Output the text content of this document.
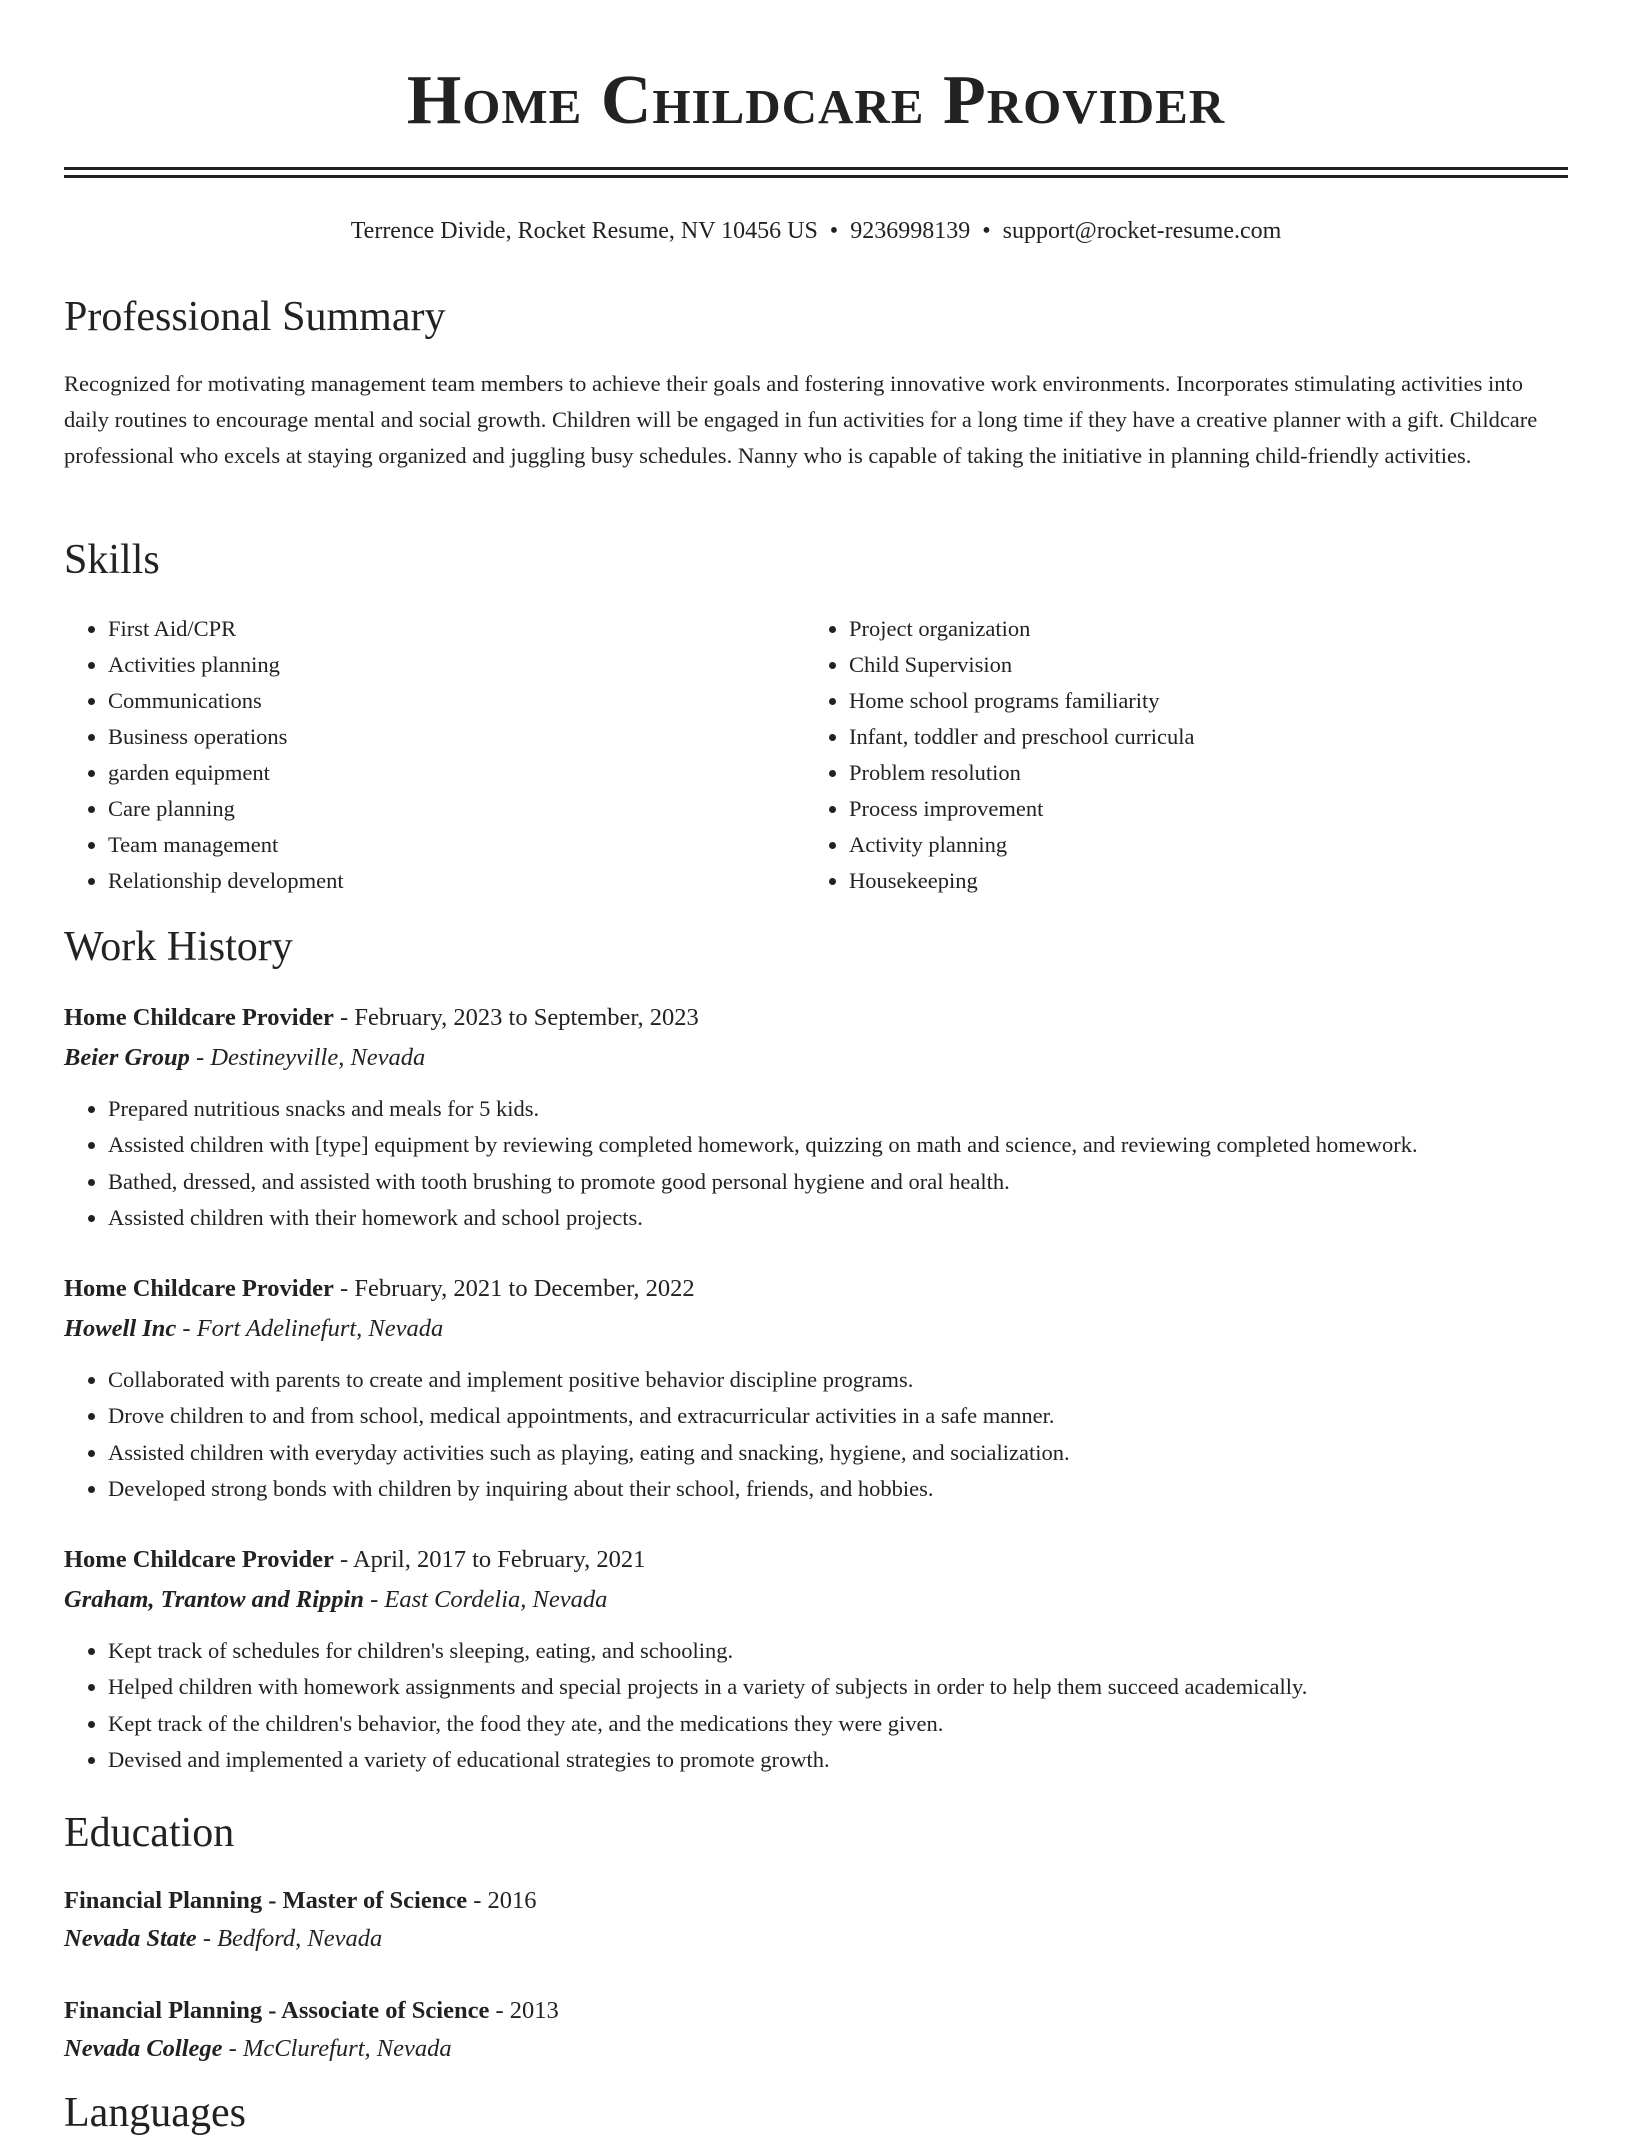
Home Childcare Provider
Terrence Divide, Rocket Resume, NV 10456 US • 9236998139 • support@rocket-resume.com
Professional Summary

Recognized for motivating management team members to achieve their goals and fostering innovative work environments. Incorporates stimulating activities into daily routines to encourage mental and social growth. Children will be engaged in fun activities for a long time if they have a creative planner with a gift. Childcare professional who excels at staying organized and juggling busy schedules. Nanny who is capable of taking the initiative in planning child-friendly activities.

Skills
• First Aid/CPR
• Activities planning
• Communications
• Business operations
• garden equipment
• Care planning
• Team management
• Relationship development
• Project organization
• Child Supervision
• Home school programs familiarity
• Infant, toddler and preschool curricula
• Problem resolution
• Process improvement
• Activity planning
• Housekeeping
Work History
Home Childcare Provider - February, 2023 to September, 2023
Beier Group - Destineyville, Nevada
• Prepared nutritious snacks and meals for 5 kids.
• Assisted children with [type] equipment by reviewing completed homework, quizzing on math and science, and reviewing completed homework.
• Bathed, dressed, and assisted with tooth brushing to promote good personal hygiene and oral health.
• Assisted children with their homework and school projects.
Home Childcare Provider - February, 2021 to December, 2022
Howell Inc - Fort Adelinefurt, Nevada
• Collaborated with parents to create and implement positive behavior discipline programs.
• Drove children to and from school, medical appointments, and extracurricular activities in a safe manner.
• Assisted children with everyday activities such as playing, eating and snacking, hygiene, and socialization.
• Developed strong bonds with children by inquiring about their school, friends, and hobbies.
Home Childcare Provider - April, 2017 to February, 2021
Graham, Trantow and Rippin - East Cordelia, Nevada
• Kept track of schedules for children's sleeping, eating, and schooling.
• Helped children with homework assignments and special projects in a variety of subjects in order to help them succeed academically.
• Kept track of the children's behavior, the food they ate, and the medications they were given.
• Devised and implemented a variety of educational strategies to promote growth.
Education
Financial Planning - Master of Science - 2016
Nevada State - Bedford, Nevada
Financial Planning - Associate of Science - 2013
Nevada College - McClurefurt, Nevada
Languages
